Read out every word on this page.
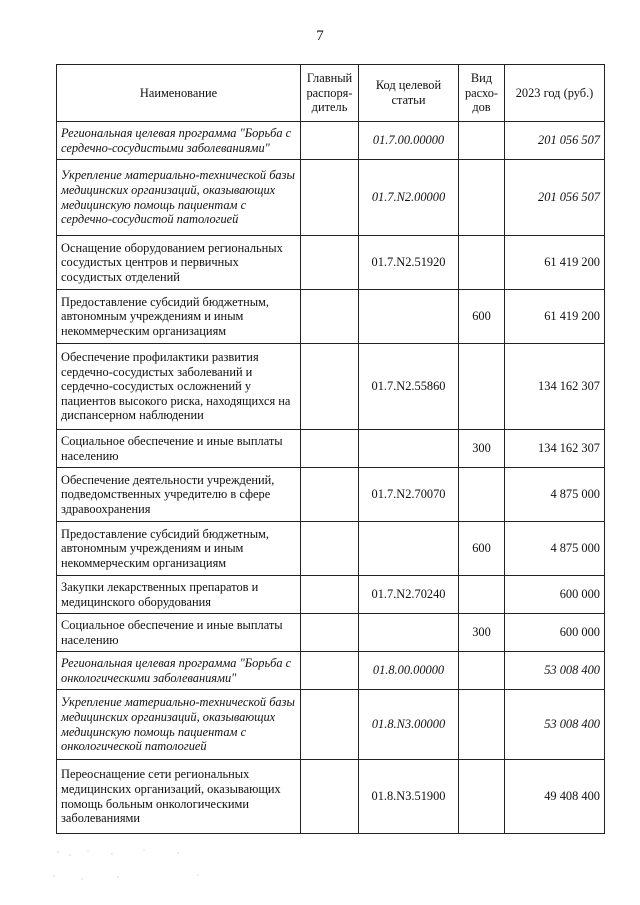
7
Наименование	Главный распоря-дитель	Код целевой статьи	Вид расхо-дов	2023 год (руб.)
Региональная целевая программа "Борьба с сердечно-сосудистыми заболеваниями"		01.7.00.00000		201 056 507
Укрепление материально-технической базы медицинских организаций, оказывающих медицинскую помощь пациентам с сердечно-сосудистой патологией		01.7.N2.00000		201 056 507
Оснащение оборудованием региональных сосудистых центров и первичных сосудистых отделений		01.7.N2.51920		61 419 200
Предоставление субсидий бюджетным, автономным учреждениям и иным некоммерческим организациям			600	61 419 200
Обеспечение профилактики развития сердечно-сосудистых заболеваний и сердечно-сосудистых осложнений у пациентов высокого риска, находящихся на диспансерном наблюдении		01.7.N2.55860		134 162 307
Социальное обеспечение и иные выплаты населению			300	134 162 307
Обеспечение деятельности учреждений, подведомственных учредителю в сфере здравоохранения		01.7.N2.70070		4 875 000
Предоставление субсидий бюджетным, автономным учреждениям и иным некоммерческим организациям			600	4 875 000
Закупки лекарственных препаратов и медицинского оборудования		01.7.N2.70240		600 000
Социальное обеспечение и иные выплаты населению			300	600 000
Региональная целевая программа "Борьба с онкологическими заболеваниями"		01.8.00.00000		53 008 400
Укрепление материально-технической базы медицинских организаций, оказывающих медицинскую помощь пациентам с онкологической патологией		01.8.N3.00000		53 008 400
Переоснащение сети региональных медицинских организаций, оказывающих помощь больным онкологическими заболеваниями		01.8.N3.51900		49 408 400
